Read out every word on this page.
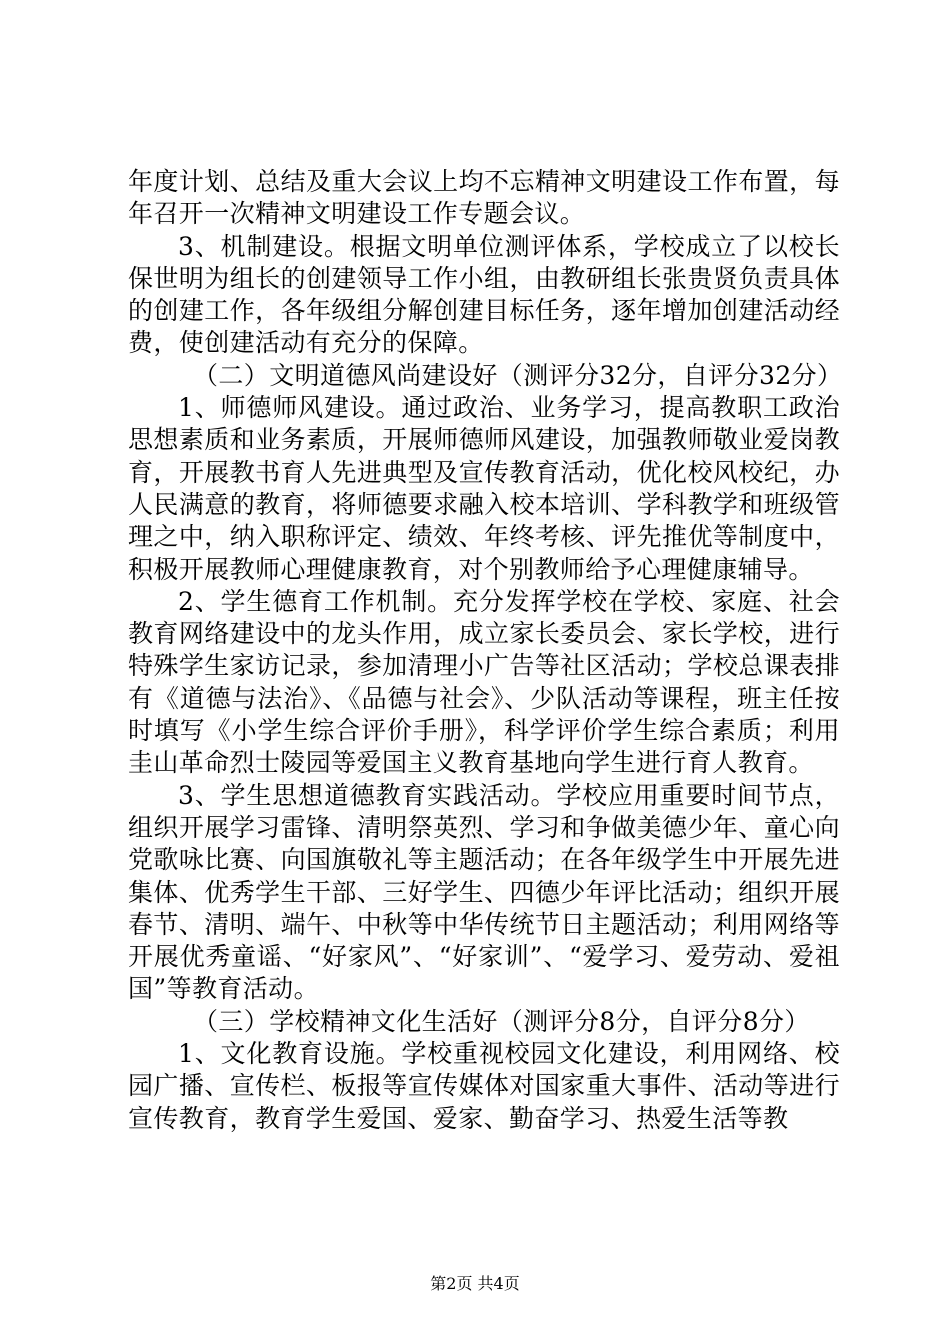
年度计划、总结及重大会议上均不忘精神文明建设工作布置，每年召开一次精神文明建设工作专题会议。

3、机制建设。根据文明单位测评体系，学校成立了以校长保世明为组长的创建领导工作小组，由教研组长张贵贤负责具体的创建工作，各年级组分解创建目标任务，逐年增加创建活动经费，使创建活动有充分的保障。

（二）文明道德风尚建设好（测评分32分，自评分32分）

1、师德师风建设。通过政治、业务学习，提高教职工政治思想素质和业务素质，开展师德师风建设，加强教师敬业爱岗教育，开展教书育人先进典型及宣传教育活动，优化校风校纪，办人民满意的教育，将师德要求融入校本培训、学科教学和班级管理之中，纳入职称评定、绩效、年终考核、评先推优等制度中，积极开展教师心理健康教育，对个别教师给予心理健康辅导。

2、学生德育工作机制。充分发挥学校在学校、家庭、社会教育网络建设中的龙头作用，成立家长委员会、家长学校，进行特殊学生家访记录，参加清理小广告等社区活动；学校总课表排有《道德与法治》、《品德与社会》、少队活动等课程，班主任按时填写《小学生综合评价手册》，科学评价学生综合素质；利用圭山革命烈士陵园等爱国主义教育基地向学生进行育人教育。

3、学生思想道德教育实践活动。学校应用重要时间节点，组织开展学习雷锋、清明祭英烈、学习和争做美德少年、童心向党歌咏比赛、向国旗敬礼等主题活动；在各年级学生中开展先进集体、优秀学生干部、三好学生、四德少年评比活动；组织开展春节、清明、端午、中秋等中华传统节日主题活动；利用网络等开展优秀童谣、“好家风”、“好家训”、“爱学习、爱劳动、爱祖国”等教育活动。

（三）学校精神文化生活好（测评分8分，自评分8分）

1、文化教育设施。学校重视校园文化建设，利用网络、校园广播、宣传栏、板报等宣传媒体对国家重大事件、活动等进行宣传教育，教育学生爱国、爱家、勤奋学习、热爱生活等教

第2页 共4页
